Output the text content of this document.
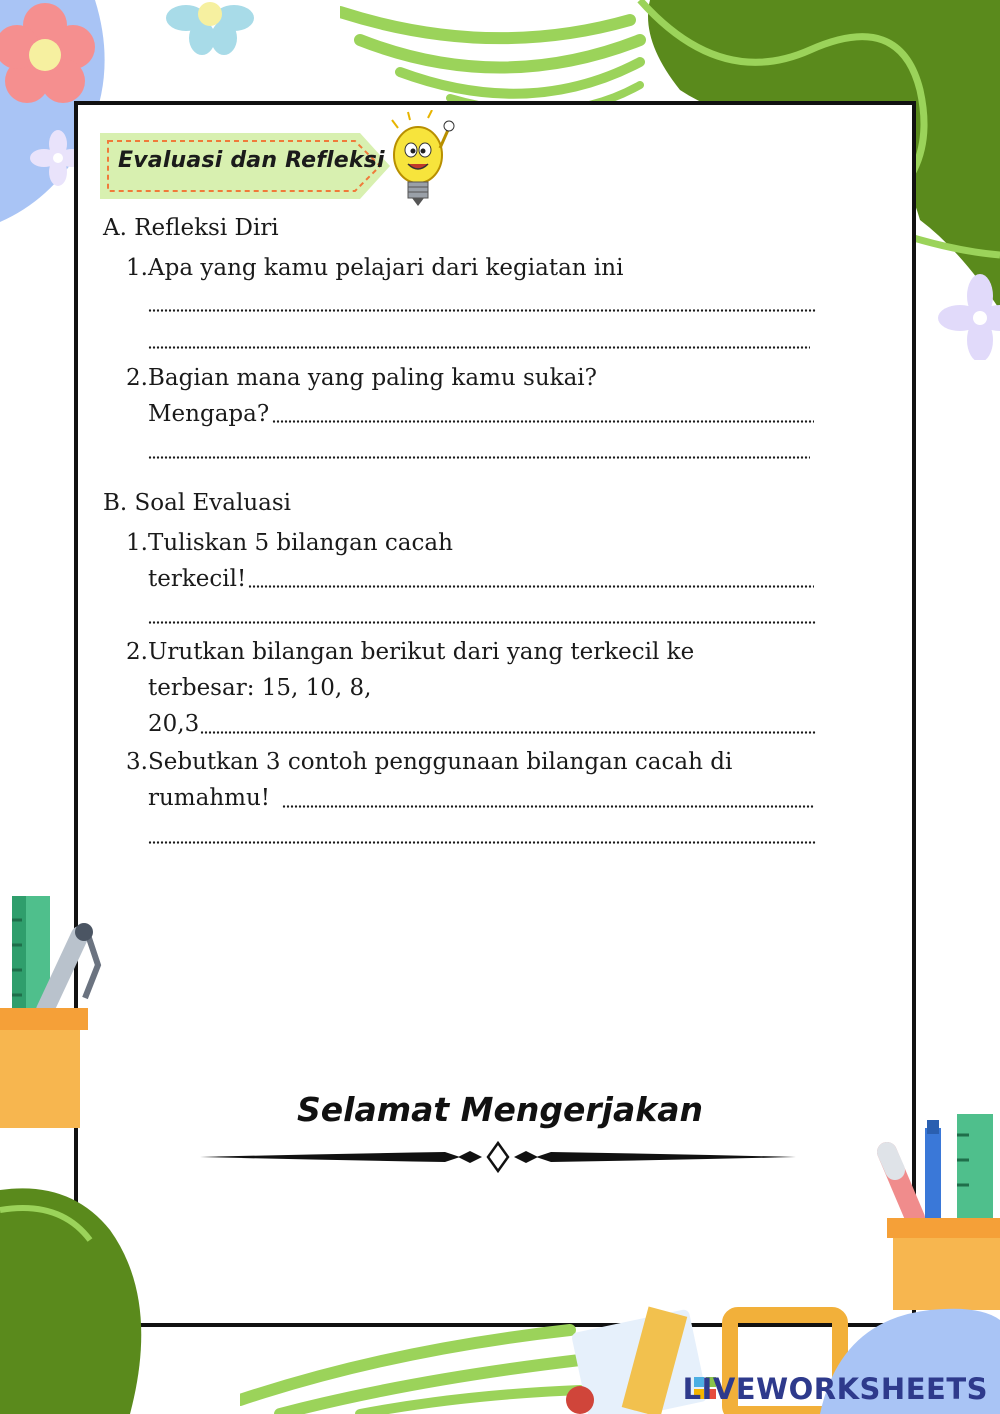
Evaluasi dan Refleksi
A. Refleksi Diri
1. Apa yang kamu pelajari dari kegiatan ini
2. Bagian mana yang paling kamu sukai?
Mengapa?
B. Soal Evaluasi
1. Tuliskan 5 bilangan cacah
terkecil!
2. Urutkan bilangan berikut dari yang terkecil ke
terbesar: 15, 10, 8,
20,3
3. Sebutkan 3 contoh penggunaan bilangan cacah di
rumahmu!
Selamat Mengerjakan
LIVEWORKSHEETS
